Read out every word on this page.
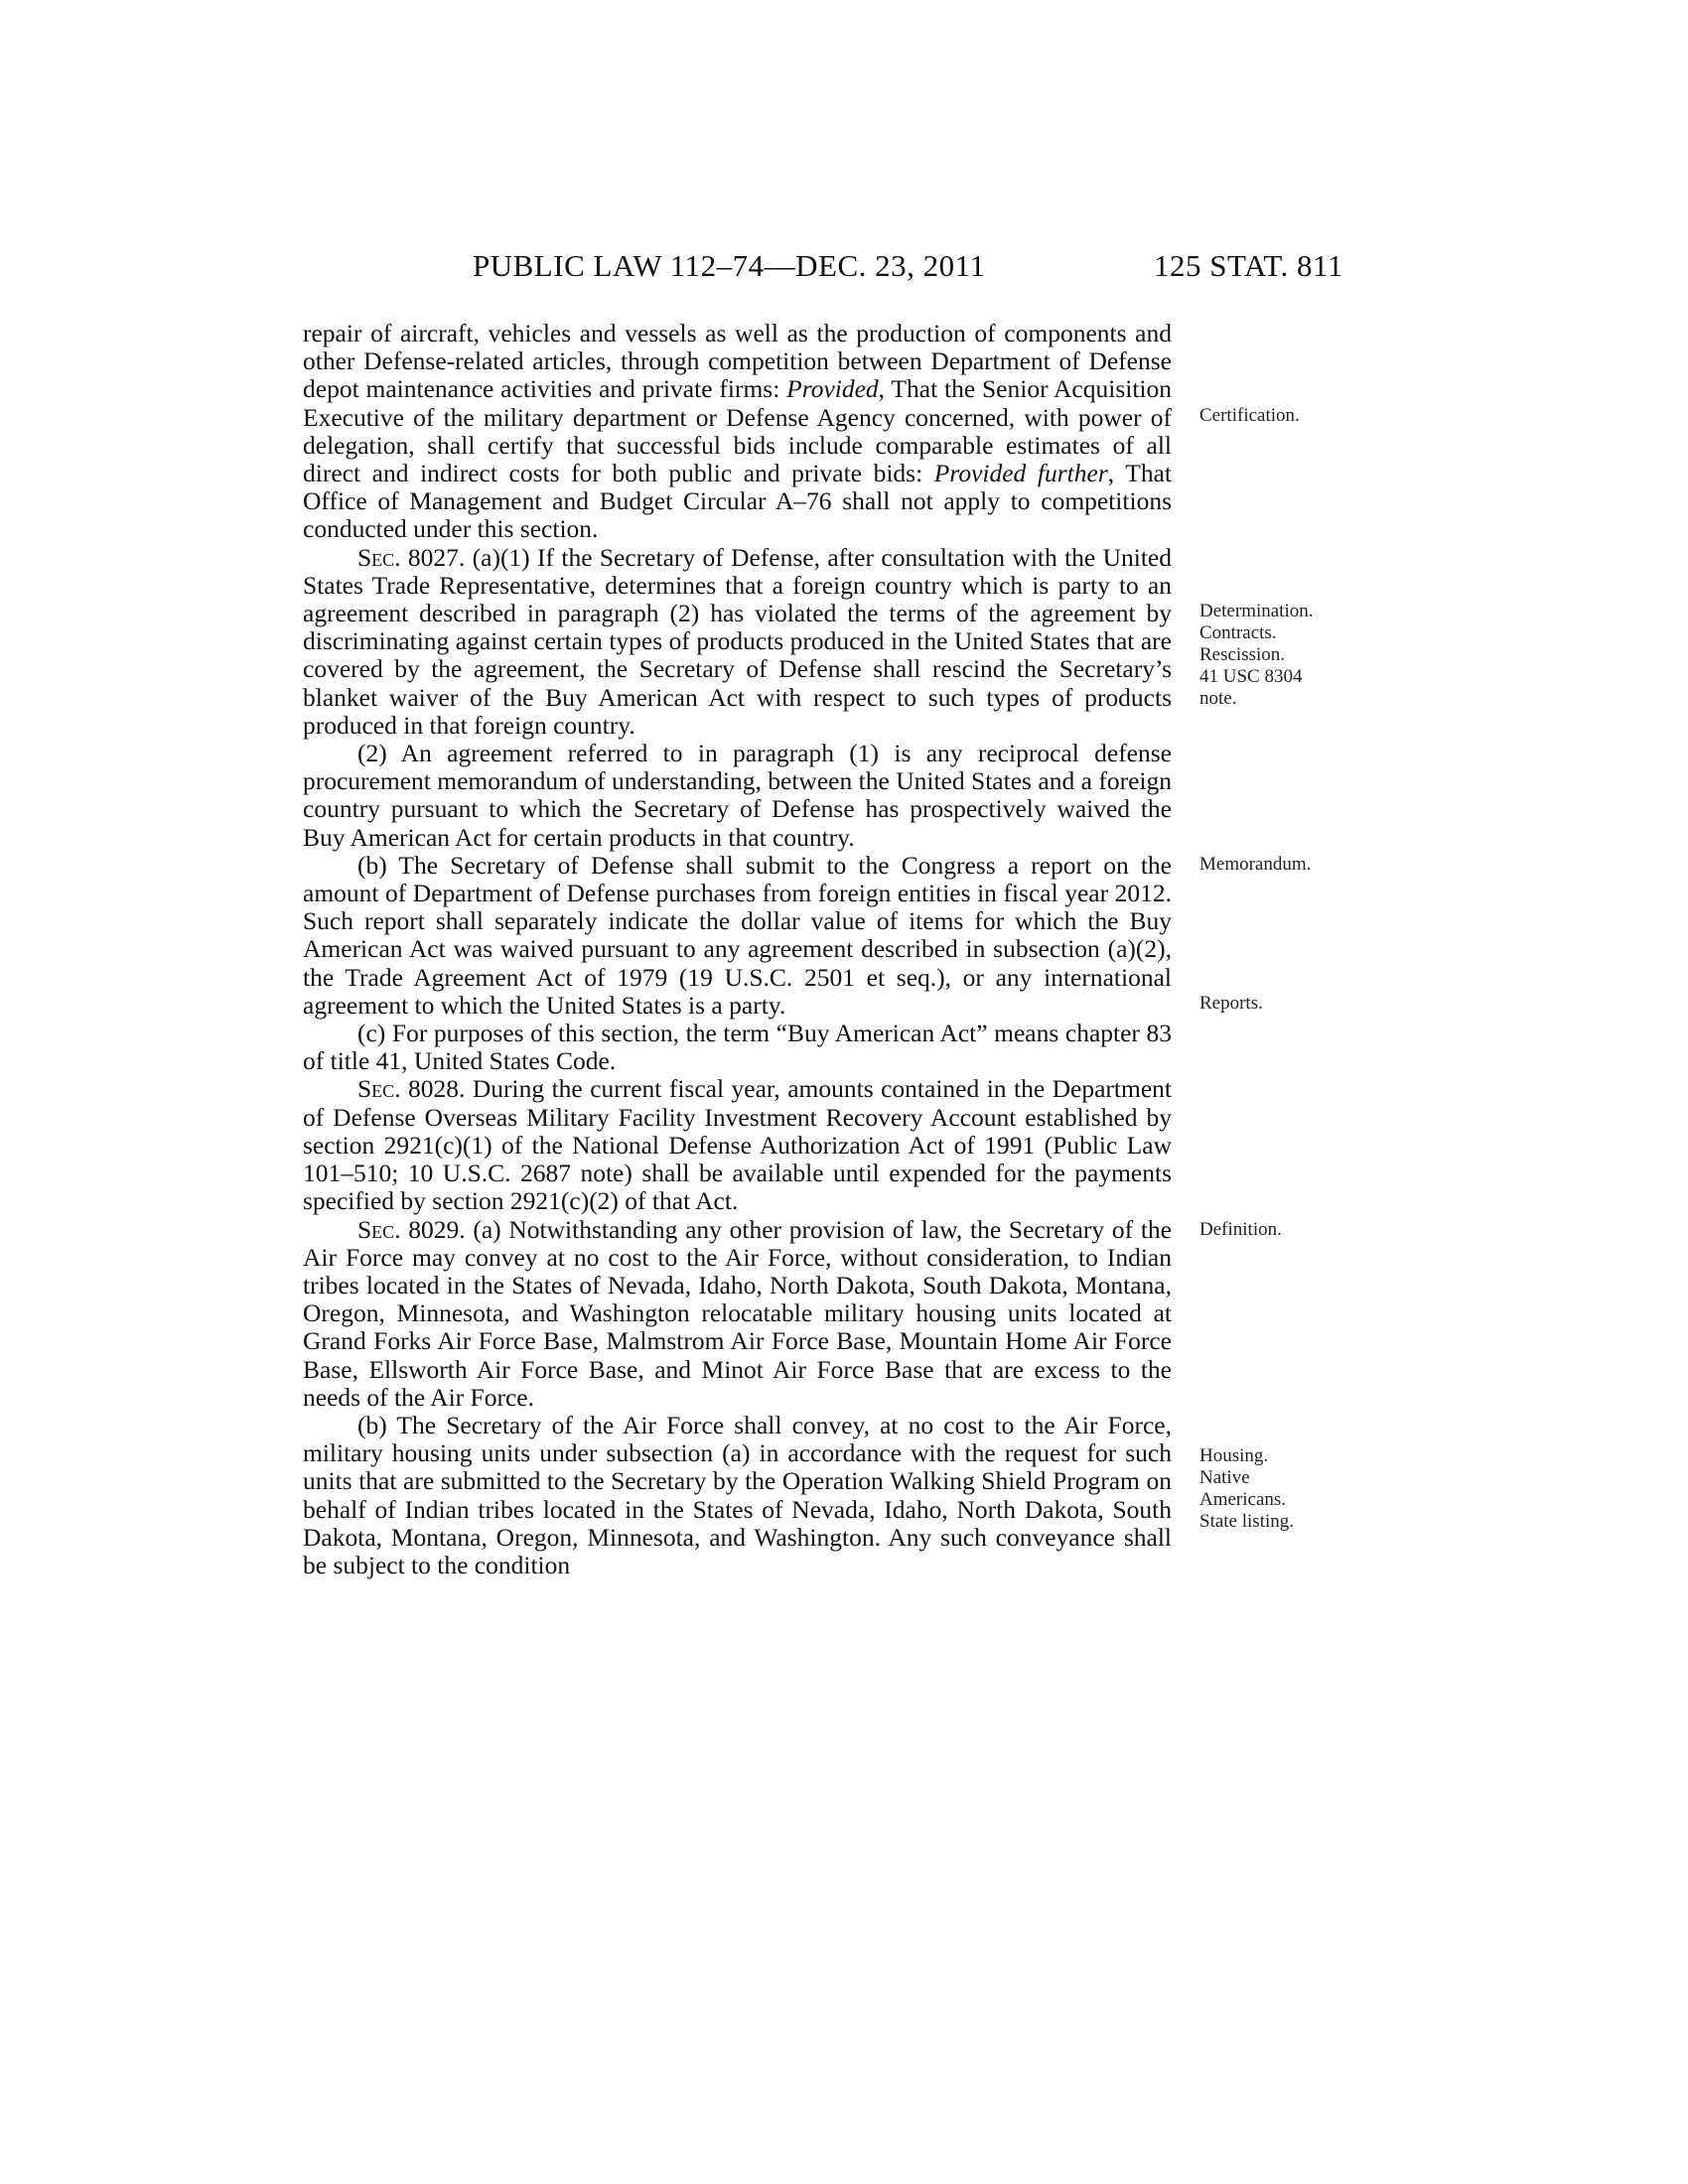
PUBLIC LAW 112–74—DEC. 23, 2011	125 STAT. 811

repair of aircraft, vehicles and vessels as well as the production of components and other Defense-related articles, through competition between Department of Defense depot maintenance activities and private firms: Provided, That the Senior Acquisition Executive of the military department or Defense Agency concerned, with power of delegation, shall certify that successful bids include comparable estimates of all direct and indirect costs for both public and private bids: Provided further, That Office of Management and Budget Circular A–76 shall not apply to competitions conducted under this section.

Sec. 8027. (a)(1) If the Secretary of Defense, after consultation with the United States Trade Representative, determines that a foreign country which is party to an agreement described in paragraph (2) has violated the terms of the agreement by discriminating against certain types of products produced in the United States that are covered by the agreement, the Secretary of Defense shall rescind the Secretary’s blanket waiver of the Buy American Act with respect to such types of products produced in that foreign country.

(2) An agreement referred to in paragraph (1) is any reciprocal defense procurement memorandum of understanding, between the United States and a foreign country pursuant to which the Secretary of Defense has prospectively waived the Buy American Act for certain products in that country.

(b) The Secretary of Defense shall submit to the Congress a report on the amount of Department of Defense purchases from foreign entities in fiscal year 2012. Such report shall separately indicate the dollar value of items for which the Buy American Act was waived pursuant to any agreement described in subsection (a)(2), the Trade Agreement Act of 1979 (19 U.S.C. 2501 et seq.), or any international agreement to which the United States is a party.

(c) For purposes of this section, the term “Buy American Act” means chapter 83 of title 41, United States Code.

Sec. 8028. During the current fiscal year, amounts contained in the Department of Defense Overseas Military Facility Investment Recovery Account established by section 2921(c)(1) of the National Defense Authorization Act of 1991 (Public Law 101–510; 10 U.S.C. 2687 note) shall be available until expended for the payments specified by section 2921(c)(2) of that Act.

Sec. 8029. (a) Notwithstanding any other provision of law, the Secretary of the Air Force may convey at no cost to the Air Force, without consideration, to Indian tribes located in the States of Nevada, Idaho, North Dakota, South Dakota, Montana, Oregon, Minnesota, and Washington relocatable military housing units located at Grand Forks Air Force Base, Malmstrom Air Force Base, Mountain Home Air Force Base, Ellsworth Air Force Base, and Minot Air Force Base that are excess to the needs of the Air Force.

(b) The Secretary of the Air Force shall convey, at no cost to the Air Force, military housing units under subsection (a) in accordance with the request for such units that are submitted to the Secretary by the Operation Walking Shield Program on behalf of Indian tribes located in the States of Nevada, Idaho, North Dakota, South Dakota, Montana, Oregon, Minnesota, and Washington. Any such conveyance shall be subject to the condition

Certification.
Determination.
Contracts.
Rescission.
41 USC 8304
note.
Memorandum.
Reports.
Definition.
Housing.
Native
Americans.
State listing.
